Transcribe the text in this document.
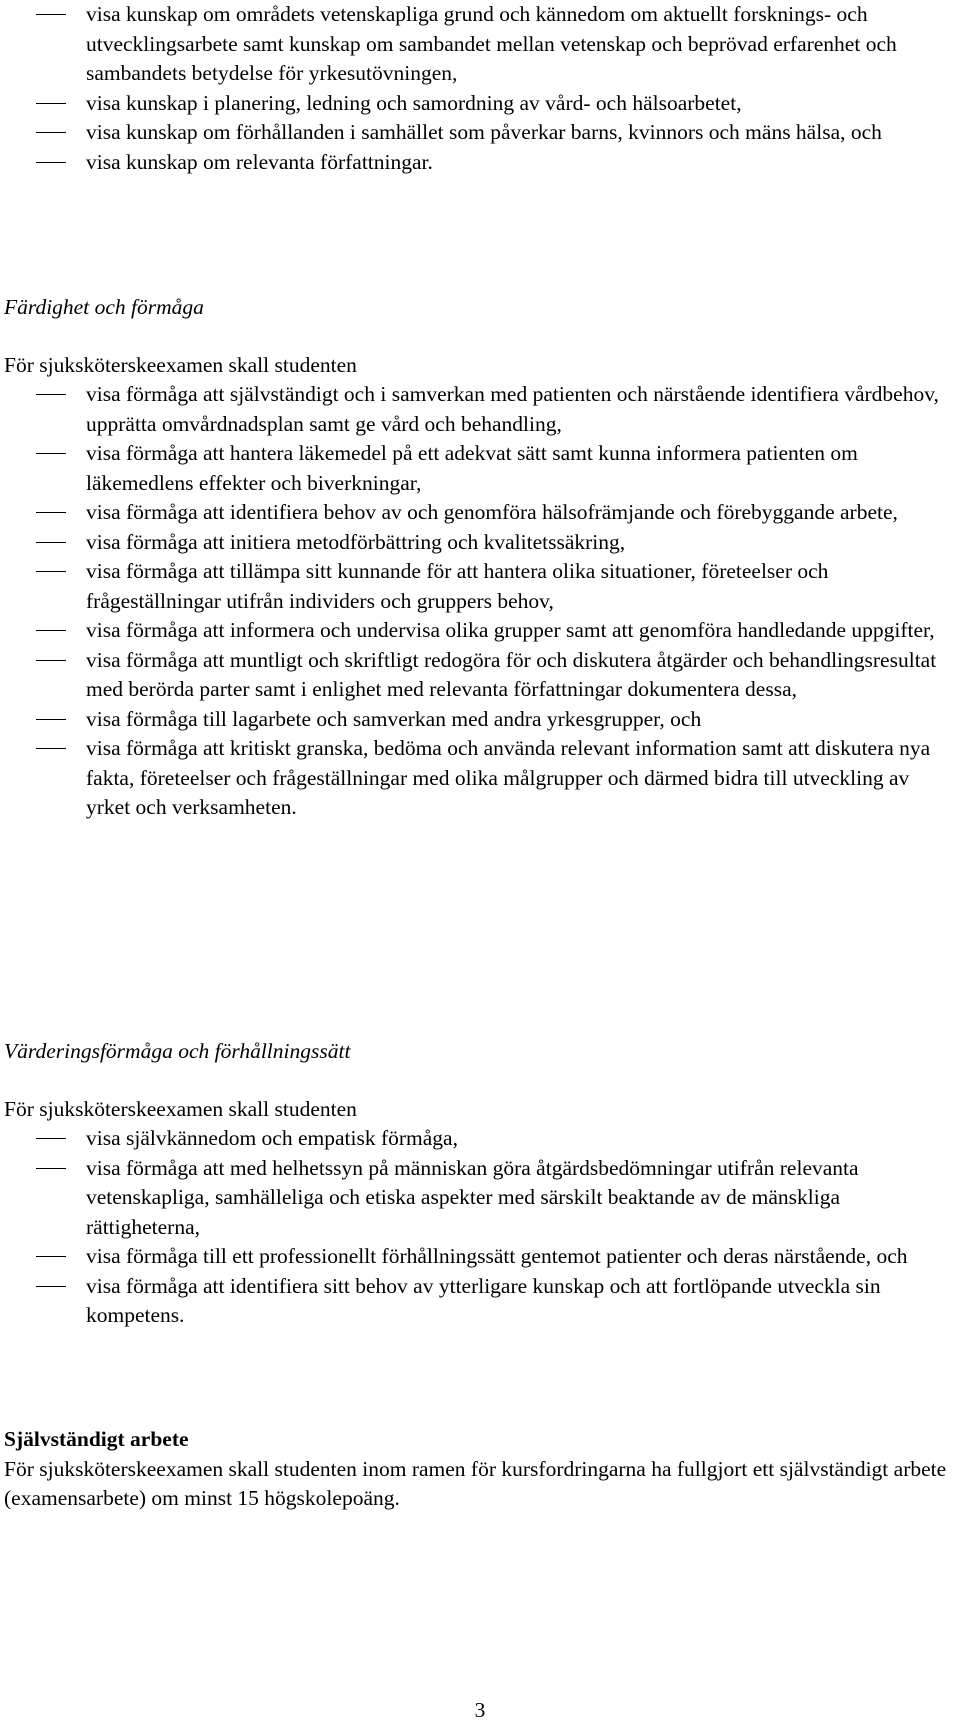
visa kunskap om områdets vetenskapliga grund och kännedom om aktuellt forsknings- och utvecklingsarbete samt kunskap om sambandet mellan vetenskap och beprövad erfarenhet och sambandets betydelse för yrkesutövningen,
visa kunskap i planering, ledning och samordning av vård- och hälsoarbetet,
visa kunskap om förhållanden i samhället som påverkar barns, kvinnors och mäns hälsa, och
visa kunskap om relevanta författningar.

Färdighet och förmåga

För sjuksköterskeexamen skall studenten

visa förmåga att självständigt och i samverkan med patienten och närstående identifiera vårdbehov, upprätta omvårdnadsplan samt ge vård och behandling,
visa förmåga att hantera läkemedel på ett adekvat sätt samt kunna informera patienten om läkemedlens effekter och biverkningar,
visa förmåga att identifiera behov av och genomföra hälsofrämjande och förebyggande arbete,
visa förmåga att initiera metodförbättring och kvalitetssäkring,
visa förmåga att tillämpa sitt kunnande för att hantera olika situationer, företeelser och frågeställningar utifrån individers och gruppers behov,
visa förmåga att informera och undervisa olika grupper samt att genomföra handledande uppgifter,
visa förmåga att muntligt och skriftligt redogöra för och diskutera åtgärder och behandlingsresultat med berörda parter samt i enlighet med relevanta författningar dokumentera dessa,
visa förmåga till lagarbete och samverkan med andra yrkesgrupper, och
visa förmåga att kritiskt granska, bedöma och använda relevant information samt att diskutera nya fakta, företeelser och frågeställningar med olika målgrupper och därmed bidra till utveckling av yrket och verksamheten.

Värderingsförmåga och förhållningssätt

För sjuksköterskeexamen skall studenten

visa självkännedom och empatisk förmåga,
visa förmåga att med helhetssyn på människan göra åtgärdsbedömningar utifrån relevanta vetenskapliga, samhälleliga och etiska aspekter med särskilt beaktande av de mänskliga rättigheterna,
visa förmåga till ett professionellt förhållningssätt gentemot patienter och deras närstående, och
visa förmåga att identifiera sitt behov av ytterligare kunskap och att fortlöpande utveckla sin kompetens.

Självständigt arbete

För sjuksköterskeexamen skall studenten inom ramen för kursfordringarna ha fullgjort ett självständigt arbete (examensarbete) om minst 15 högskolepoäng.

3
